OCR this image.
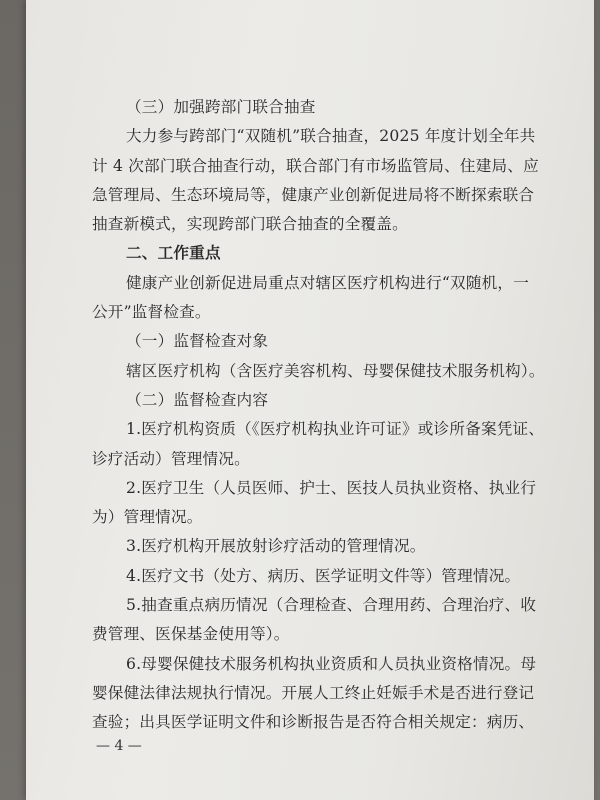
（三）加强跨部门联合抽查

大力参与跨部门“双随机”联合抽查，2025 年度计划全年共

计 4 次部门联合抽查行动，联合部门有市场监管局、住建局、应

急管理局、生态环境局等，健康产业创新促进局将不断探索联合

抽查新模式，实现跨部门联合抽查的全覆盖。

二、工作重点

健康产业创新促进局重点对辖区医疗机构进行“双随机，一

公开”监督检查。

（一）监督检查对象

辖区医疗机构（含医疗美容机构、母婴保健技术服务机构）。

（二）监督检查内容

1.医疗机构资质（《医疗机构执业许可证》或诊所备案凭证、

诊疗活动）管理情况。

2.医疗卫生（人员医师、护士、医技人员执业资格、执业行

为）管理情况。

3.医疗机构开展放射诊疗活动的管理情况。

4.医疗文书（处方、病历、医学证明文件等）管理情况。

5.抽查重点病历情况（合理检查、合理用药、合理治疗、收

费管理、医保基金使用等）。

6.母婴保健技术服务机构执业资质和人员执业资格情况。母

婴保健法律法规执行情况。开展人工终止妊娠手术是否进行登记

查验；出具医学证明文件和诊断报告是否符合相关规定：病历、

— 4 —
